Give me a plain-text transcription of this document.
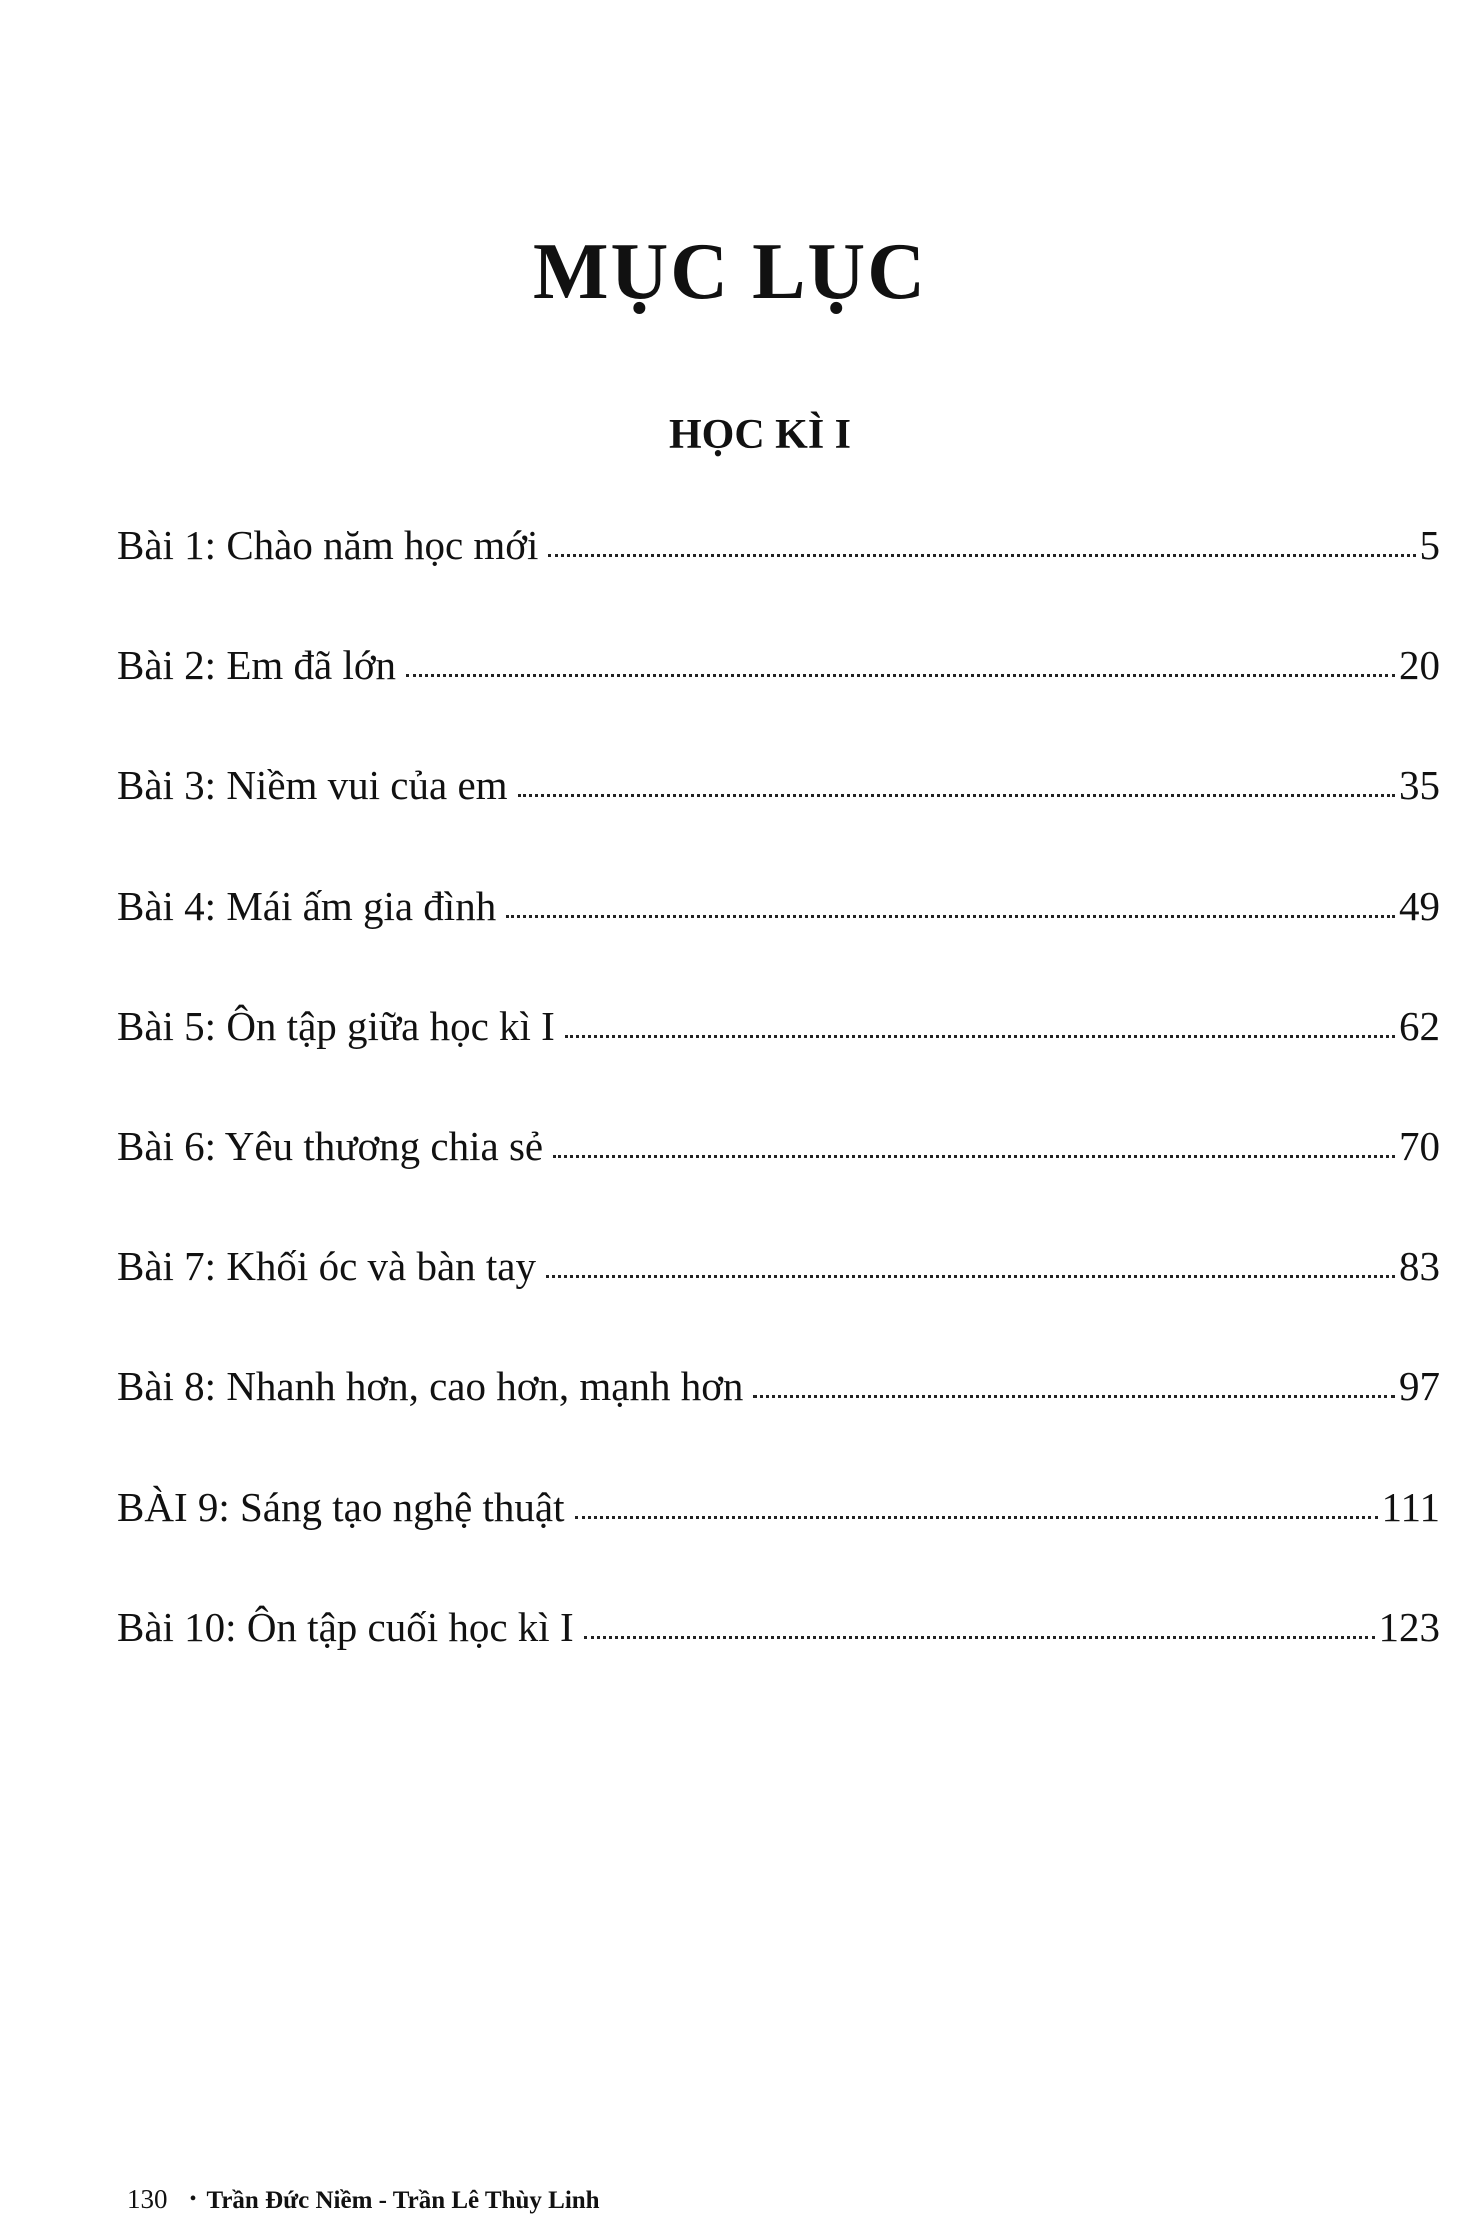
MỤC LỤC
HỌC KÌ I
Bài 1: Chào năm học mới	5
Bài 2: Em đã lớn	20
Bài 3: Niềm vui của em	35
Bài 4: Mái ấm gia đình	49
Bài 5: Ôn tập giữa học kì I	62
Bài 6: Yêu thương chia sẻ	70
Bài 7: Khối óc và bàn tay	83
Bài 8: Nhanh hơn, cao hơn, mạnh hơn	97
BÀI 9: Sáng tạo nghệ thuật	111
Bài 10: Ôn tập cuối học kì I	123
130 • Trần Đức Niềm - Trần Lê Thùy Linh
